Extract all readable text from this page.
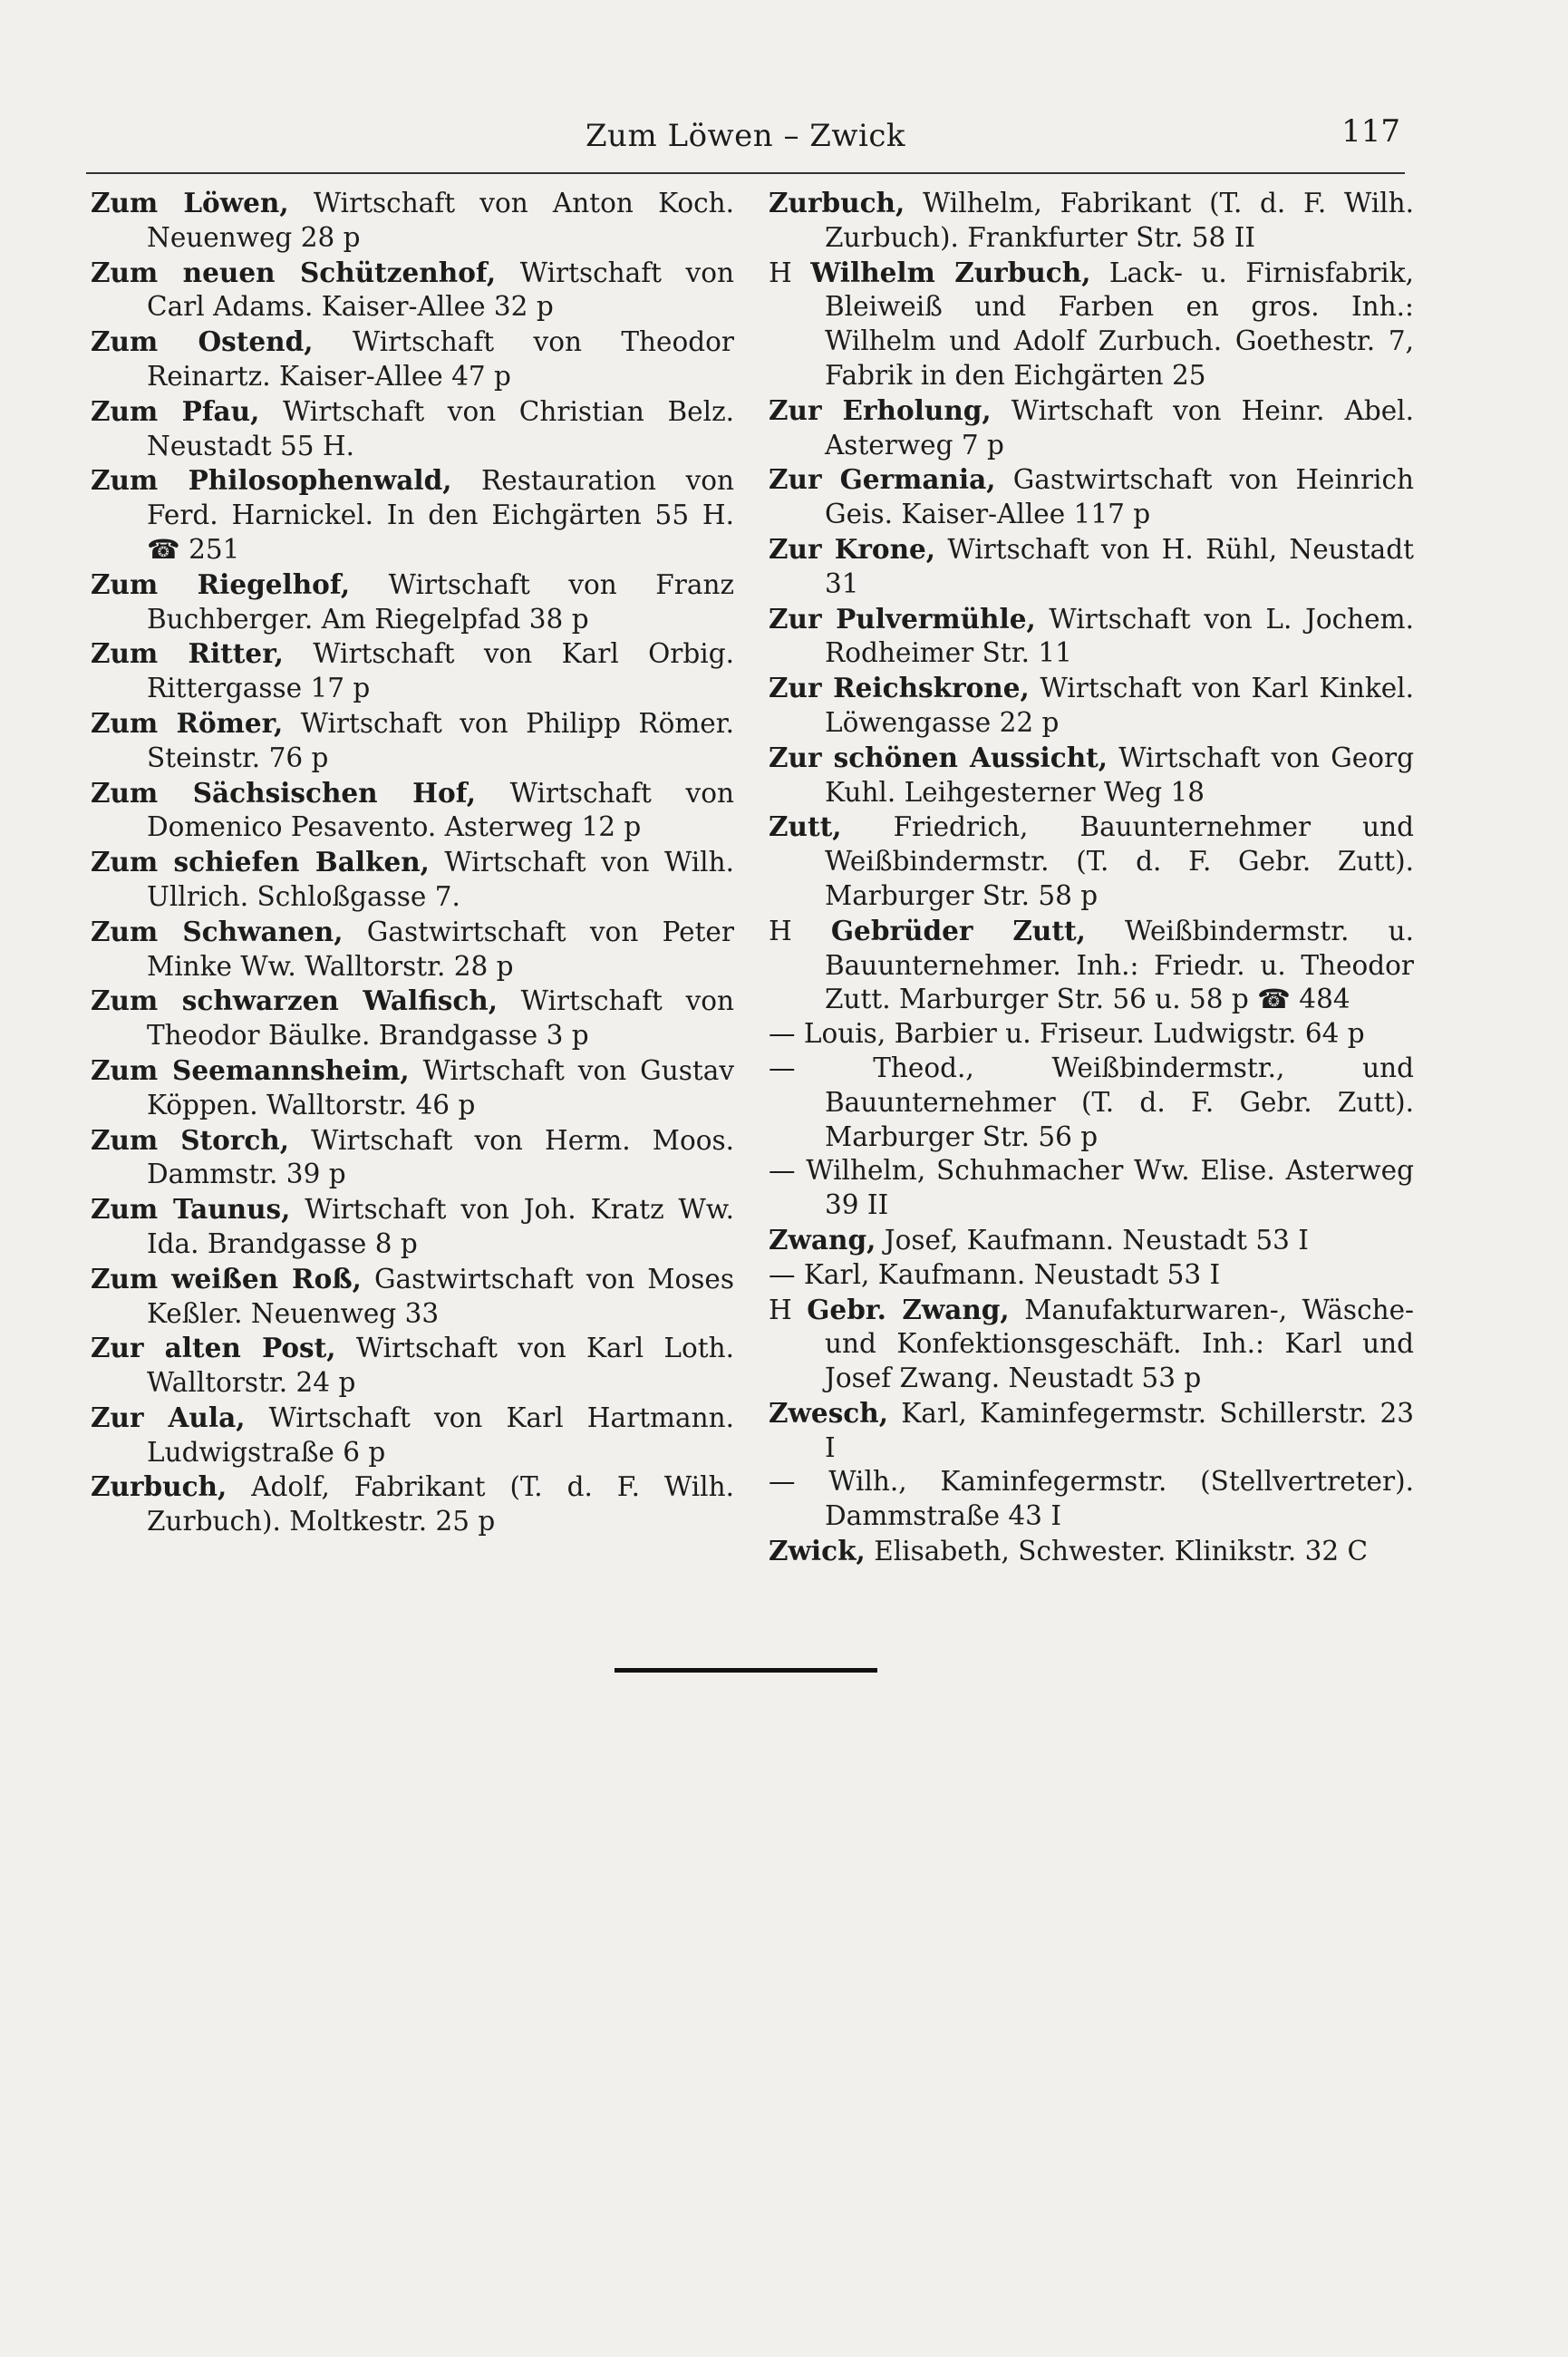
Zum Löwen – Zwick	117

Zum Löwen, Wirtschaft von Anton Koch. Neuenweg 28 p

Zum neuen Schützenhof, Wirtschaft von Carl Adams. Kaiser-Allee 32 p

Zum Ostend, Wirtschaft von Theodor Reinartz. Kaiser-Allee 47 p

Zum Pfau, Wirtschaft von Christian Belz. Neustadt 55 H.

Zum Philosophenwald, Restauration von Ferd. Harnickel. In den Eichgärten 55 H. ☎ 251

Zum Riegelhof, Wirtschaft von Franz Buchberger. Am Riegelpfad 38 p

Zum Ritter, Wirtschaft von Karl Orbig. Rittergasse 17 p

Zum Römer, Wirtschaft von Philipp Römer. Steinstr. 76 p

Zum Sächsischen Hof, Wirtschaft von Domenico Pesavento. Asterweg 12 p

Zum schiefen Balken, Wirtschaft von Wilh. Ullrich. Schloßgasse 7.

Zum Schwanen, Gastwirtschaft von Peter Minke Ww. Walltorstr. 28 p

Zum schwarzen Walfisch, Wirtschaft von Theodor Bäulke. Brandgasse 3 p

Zum Seemannsheim, Wirtschaft von Gustav Köppen. Walltorstr. 46 p

Zum Storch, Wirtschaft von Herm. Moos. Dammstr. 39 p

Zum Taunus, Wirtschaft von Joh. Kratz Ww. Ida. Brandgasse 8 p

Zum weißen Roß, Gastwirtschaft von Moses Keßler. Neuenweg 33

Zur alten Post, Wirtschaft von Karl Loth. Walltorstr. 24 p

Zur Aula, Wirtschaft von Karl Hartmann. Ludwigstraße 6 p

Zurbuch, Adolf, Fabrikant (T. d. F. Wilh. Zurbuch). Moltkestr. 25 p

Zurbuch, Wilhelm, Fabrikant (T. d. F. Wilh. Zurbuch). Frankfurter Str. 58 II

H Wilhelm Zurbuch, Lack- u. Firnisfabrik, Bleiweiß und Farben en gros. Inh.: Wilhelm und Adolf Zurbuch. Goethestr. 7, Fabrik in den Eichgärten 25

Zur Erholung, Wirtschaft von Heinr. Abel. Asterweg 7 p

Zur Germania, Gastwirtschaft von Heinrich Geis. Kaiser-Allee 117 p

Zur Krone, Wirtschaft von H. Rühl, Neustadt 31

Zur Pulvermühle, Wirtschaft von L. Jochem. Rodheimer Str. 11

Zur Reichskrone, Wirtschaft von Karl Kinkel. Löwengasse 22 p

Zur schönen Aussicht, Wirtschaft von Georg Kuhl. Leihgesterner Weg 18

Zutt, Friedrich, Bauunternehmer und Weißbindermstr. (T. d. F. Gebr. Zutt). Marburger Str. 58 p

H Gebrüder Zutt, Weißbindermstr. u. Bauunternehmer. Inh.: Friedr. u. Theodor Zutt. Marburger Str. 56 u. 58 p ☎ 484

— Louis, Barbier u. Friseur. Ludwigstr. 64 p

— Theod., Weißbindermstr., und Bauunternehmer (T. d. F. Gebr. Zutt). Marburger Str. 56 p

— Wilhelm, Schuhmacher Ww. Elise. Asterweg 39 II

Zwang, Josef, Kaufmann. Neustadt 53 I

— Karl, Kaufmann. Neustadt 53 I

H Gebr. Zwang, Manufakturwaren-, Wäsche- und Konfektionsgeschäft. Inh.: Karl und Josef Zwang. Neustadt 53 p

Zwesch, Karl, Kaminfegermstr. Schillerstr. 23 I

— Wilh., Kaminfegermstr. (Stellvertreter). Dammstraße 43 I

Zwick, Elisabeth, Schwester. Klinikstr. 32 C
